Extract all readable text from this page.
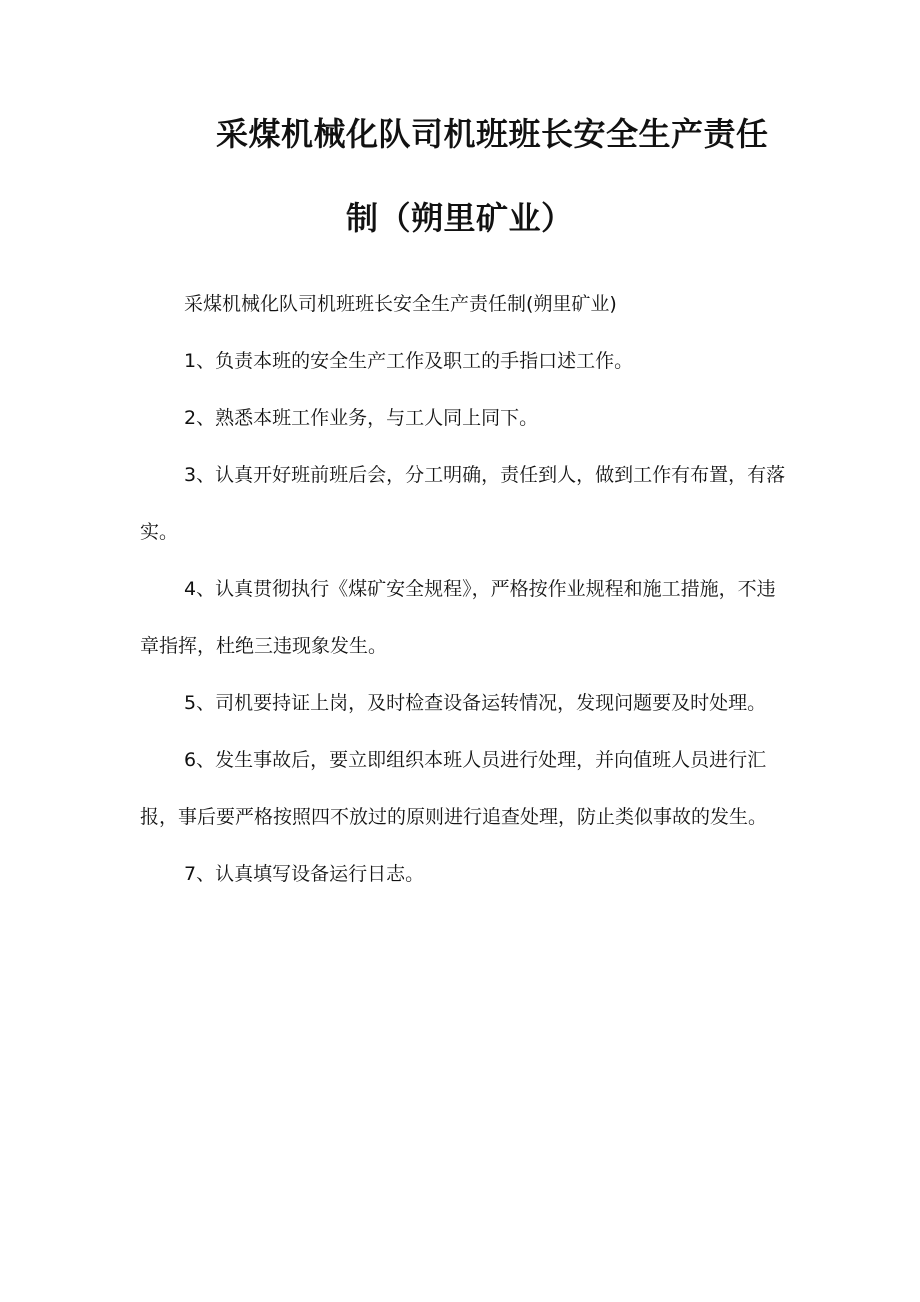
采煤机械化队司机班班长安全生产责任
制（朔里矿业）

采煤机械化队司机班班长安全生产责任制(朔里矿业)

1、负责本班的安全生产工作及职工的手指口述工作。

2、熟悉本班工作业务，与工人同上同下。

3、认真开好班前班后会，分工明确，责任到人，做到工作有布置，有落实。

4、认真贯彻执行《煤矿安全规程》，严格按作业规程和施工措施，不违章指挥，杜绝三违现象发生。

5、司机要持证上岗，及时检查设备运转情况，发现问题要及时处理。

6、发生事故后，要立即组织本班人员进行处理，并向值班人员进行汇报，事后要严格按照四不放过的原则进行追查处理，防止类似事故的发生。

7、认真填写设备运行日志。
